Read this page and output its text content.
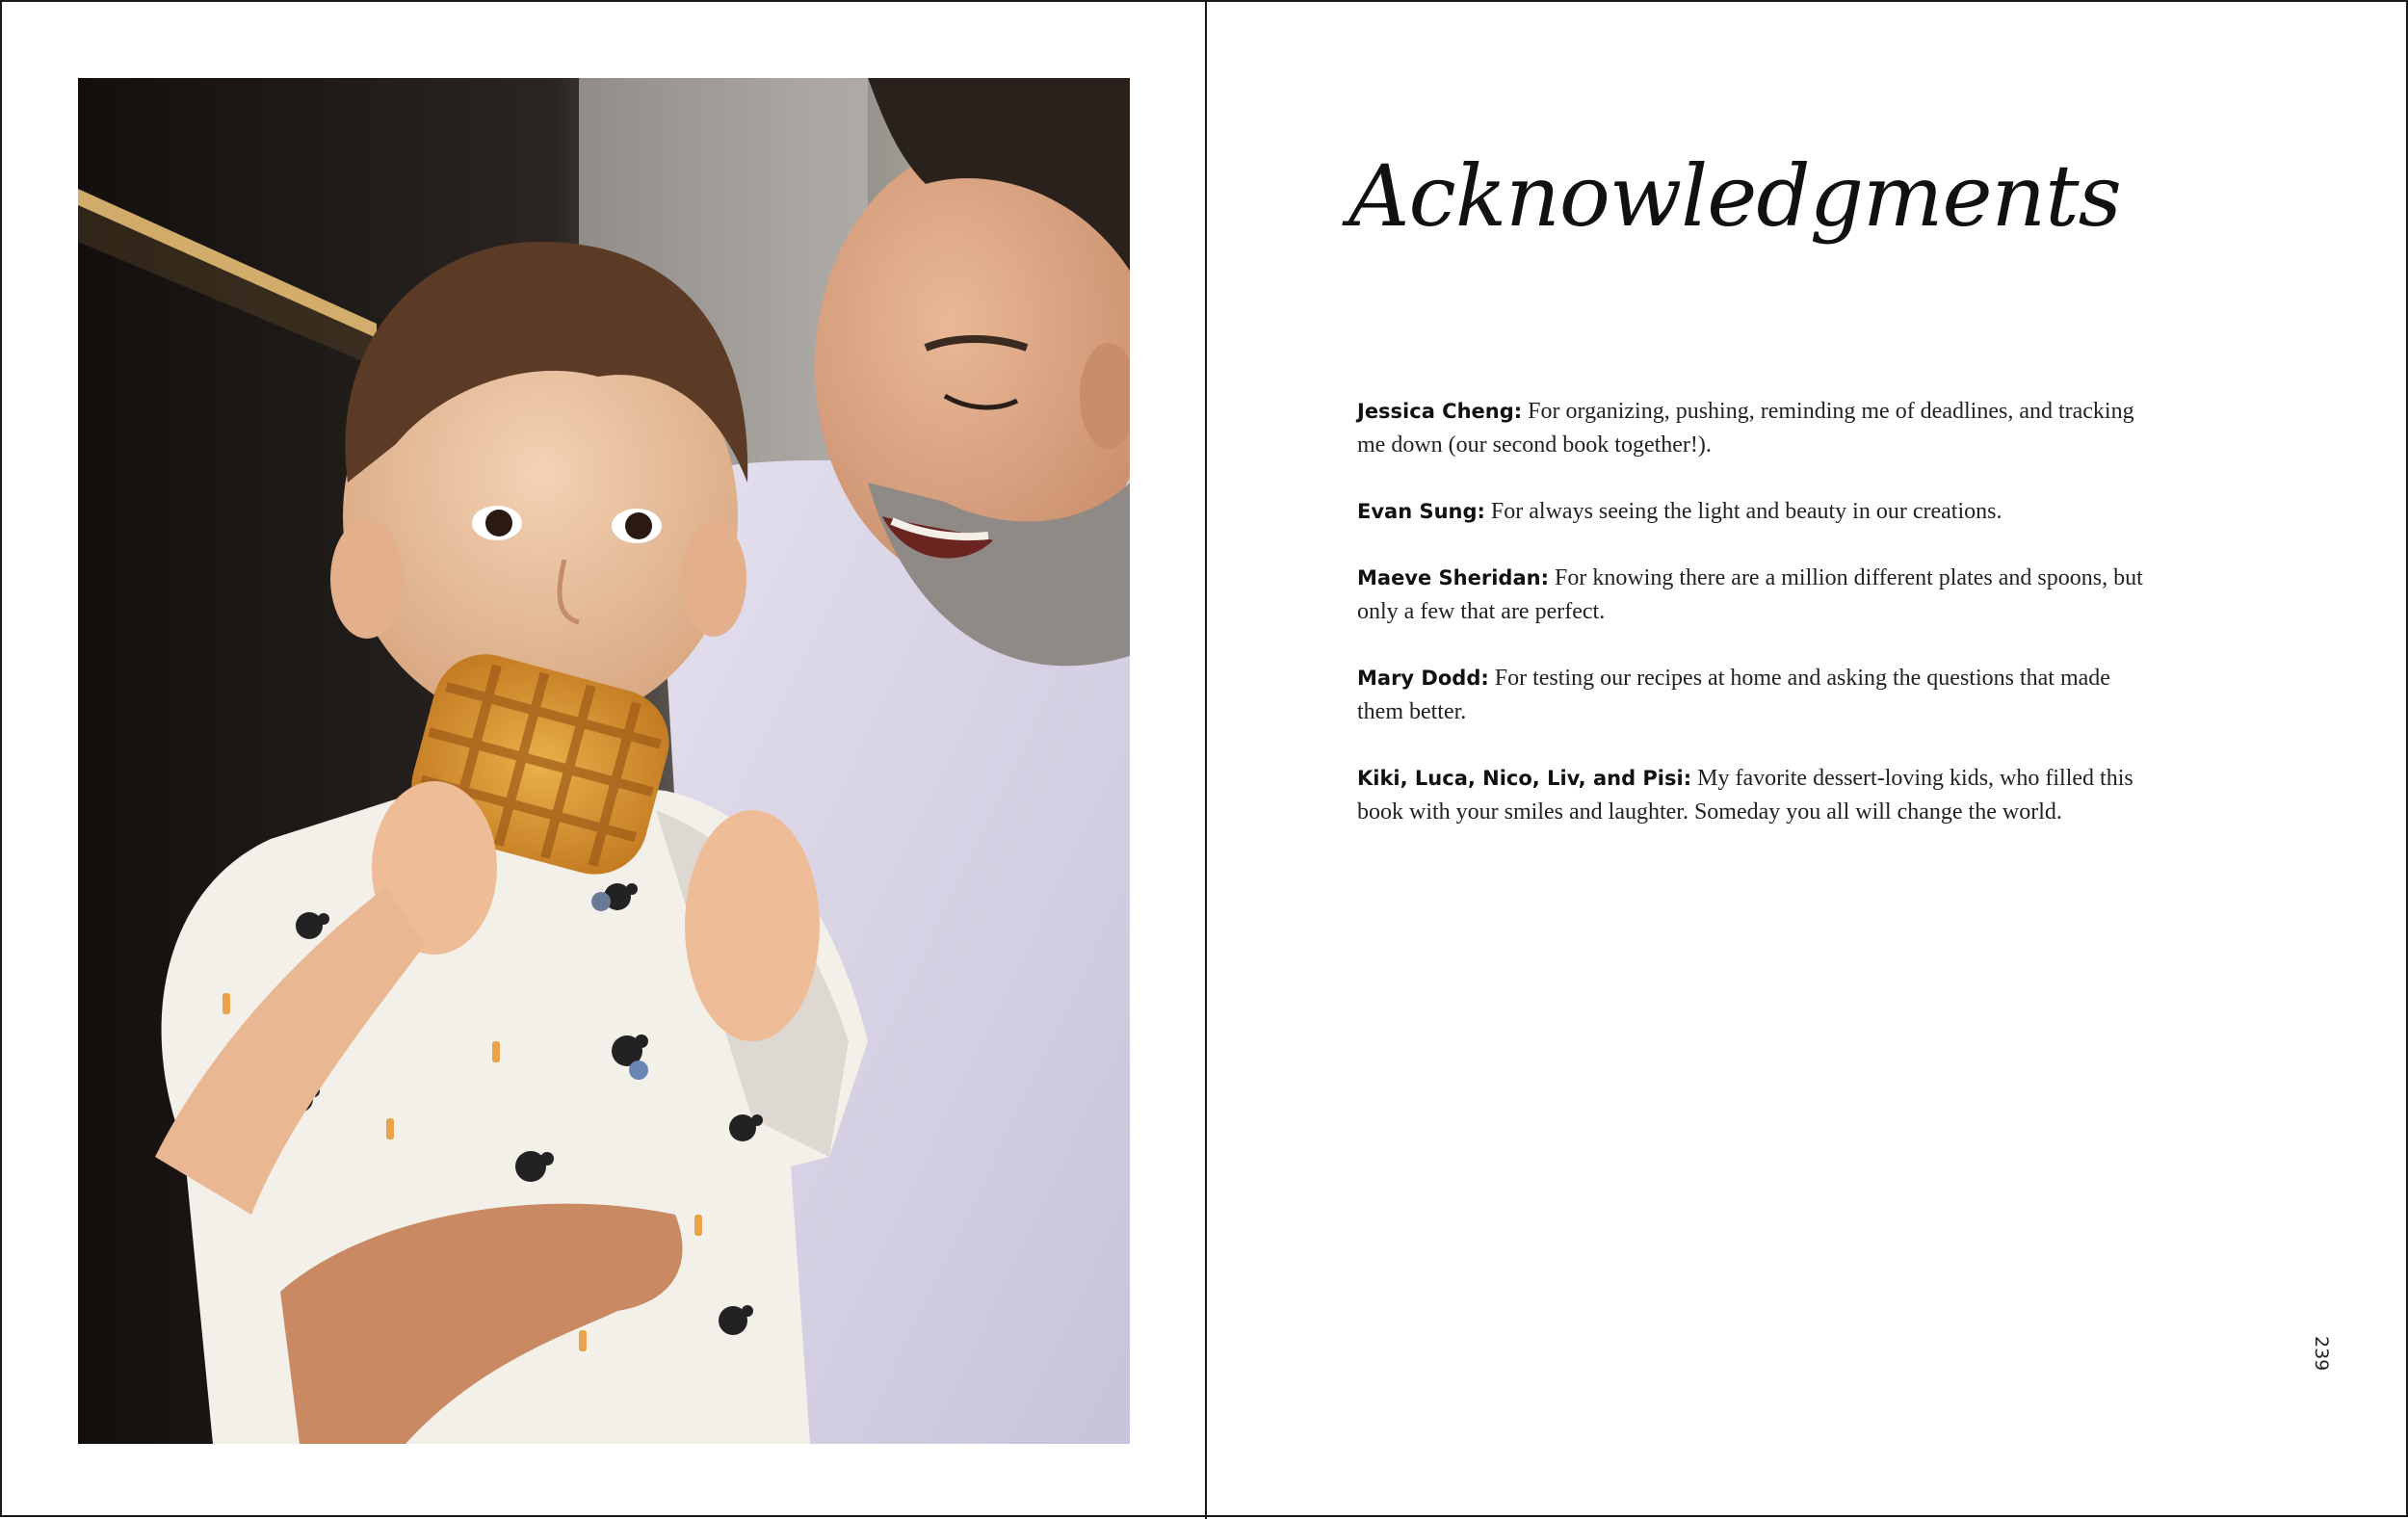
Acknowledgments

Jessica Cheng: For organizing, pushing, reminding me of deadlines, and tracking me down (our second book together!).

Evan Sung: For always seeing the light and beauty in our creations.

Maeve Sheridan: For knowing there are a million different plates and spoons, but only a few that are perfect.

Mary Dodd: For testing our recipes at home and asking the questions that made them better.

Kiki, Luca, Nico, Liv, and Pisi: My favorite dessert-loving kids, who filled this book with your smiles and laughter. Someday you all will change the world.

239
